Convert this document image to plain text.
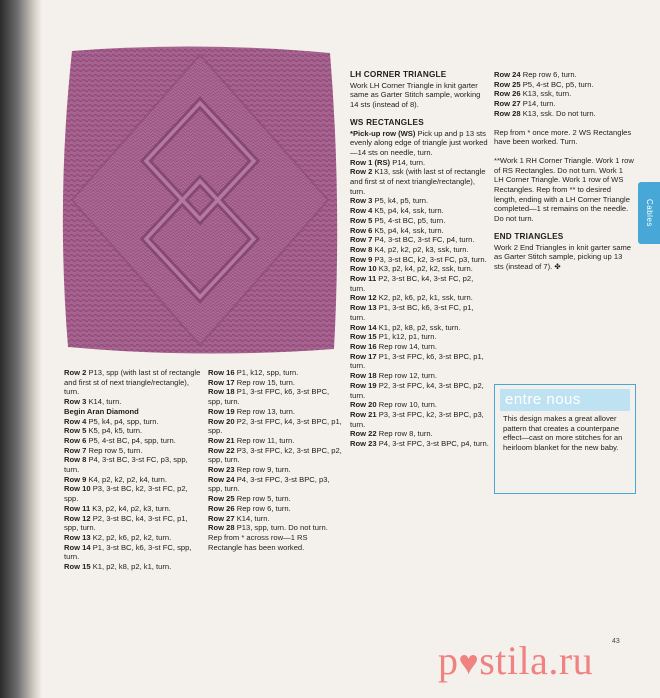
Cables

Row 2 P13, spp (with last st of rectangle and first st of next triangle/rectangle), turn.

Row 3 K14, turn.

Begin Aran Diamond

Row 4 P5, k4, p4, spp, turn.

Row 5 K5, p4, k5, turn.

Row 6 P5, 4-st BC, p4, spp, turn.

Row 7 Rep row 5, turn.

Row 8 P4, 3-st BC, 3-st FC, p3, spp, turn.

Row 9 K4, p2, k2, p2, k4, turn.

Row 10 P3, 3-st BC, k2, 3-st FC, p2, spp.

Row 11 K3, p2, k4, p2, k3, turn.

Row 12 P2, 3-st BC, k4, 3-st FC, p1, spp, turn.

Row 13 K2, p2, k6, p2, k2, turn.

Row 14 P1, 3-st BC, k6, 3-st FC, spp, turn.

Row 15 K1, p2, k8, p2, k1, turn.

Row 16 P1, k12, spp, turn.

Row 17 Rep row 15, turn.

Row 18 P1, 3-st FPC, k6, 3-st BPC, spp, turn.

Row 19 Rep row 13, turn.

Row 20 P2, 3-st FPC, k4, 3-st BPC, p1, spp.

Row 21 Rep row 11, turn.

Row 22 P3, 3-st FPC, k2, 3-st BPC, p2, spp, turn.

Row 23 Rep row 9, turn.

Row 24 P4, 3-st FPC, 3-st BPC, p3, spp, turn.

Row 25 Rep row 5, turn.

Row 26 Rep row 6, turn.

Row 27 K14, turn.

Row 28 P13, spp, turn. Do not turn.

Rep from * across row—1 RS Rectangle has been worked.

LH CORNER TRIANGLE

Work LH Corner Triangle in knit garter same as Garter Stitch sample, working 14 sts (instead of 8).

WS RECTANGLES

*Pick-up row (WS) Pick up and p 13 sts evenly along edge of triangle just worked—14 sts on needle, turn.

Row 1 (RS) P14, turn.

Row 2 K13, ssk (with last st of rectangle and first st of next triangle/rectangle), turn.

Row 3 P5, k4, p5, turn.

Row 4 K5, p4, k4, ssk, turn.

Row 5 P5, 4-st BC, p5, turn.

Row 6 K5, p4, k4, ssk, turn.

Row 7 P4, 3-st BC, 3-st FC, p4, turn.

Row 8 K4, p2, k2, p2, k3, ssk, turn.

Row 9 P3, 3-st BC, k2, 3-st FC, p3, turn.

Row 10 K3, p2, k4, p2, k2, ssk, turn.

Row 11 P2, 3-st BC, k4, 3-st FC, p2, turn.

Row 12 K2, p2, k6, p2, k1, ssk, turn.

Row 13 P1, 3-st BC, k6, 3-st FC, p1, turn.

Row 14 K1, p2, k8, p2, ssk, turn.

Row 15 P1, k12, p1, turn.

Row 16 Rep row 14, turn.

Row 17 P1, 3-st FPC, k6, 3-st BPC, p1, turn.

Row 18 Rep row 12, turn.

Row 19 P2, 3-st FPC, k4, 3-st BPC, p2, turn.

Row 20 Rep row 10, turn.

Row 21 P3, 3-st FPC, k2, 3-st BPC, p3, turn.

Row 22 Rep row 8, turn.

Row 23 P4, 3-st FPC, 3-st BPC, p4, turn.

Row 24 Rep row 6, turn.

Row 25 P5, 4-st BC, p5, turn.

Row 26 K13, ssk, turn.

Row 27 P14, turn.

Row 28 K13, ssk. Do not turn.

Rep from * once more. 2 WS Rectangles have been worked. Turn.

**Work 1 RH Corner Triangle. Work 1 row of RS Rectangles. Do not turn. Work 1 LH Corner Triangle. Work 1 row of WS Rectangles. Rep from ** to desired length, ending with a LH Corner Triangle completed—1 st remains on the needle. Do not turn.

END TRIANGLES

Work 2 End Triangles in knit garter same as Garter Stitch sample, picking up 13 sts (instead of 7). ✤

entre nous

This design makes a great allover pattern that creates a counterpane effect—cast on more stitches for an heirloom blanket for the new baby.

43
p♥stila.ru
